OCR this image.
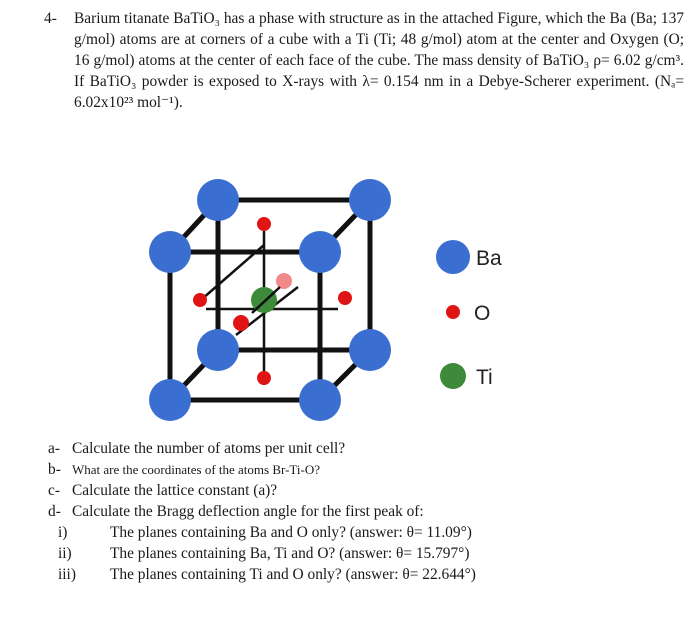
4- Barium titanate BaTiO₃ has a phase with structure as in the attached Figure, which the Ba (Ba; 137 g/mol) atoms are at corners of a cube with a Ti (Ti; 48 g/mol) atom at the center and Oxygen (O; 16 g/mol) atoms at the center of each face of the cube. The mass density of BaTiO₃ ρ= 6.02 g/cm³. If BaTiO₃ powder is exposed to X-rays with λ= 0.154 nm in a Debye-Scherer experiment. (Nₐ= 6.02x10²³ mol⁻¹).
Ba
O
Ti
a- Calculate the number of atoms per unit cell?
b- What are the coordinates of the atoms Br-Ti-O?
c- Calculate the lattice constant (a)?
d- Calculate the Bragg deflection angle for the first peak of:
i)	The planes containing Ba and O only? (answer: θ= 11.09°)
ii)	The planes containing Ba, Ti and O? (answer: θ= 15.797°)
iii)	The planes containing Ti and O only? (answer: θ= 22.644°)
